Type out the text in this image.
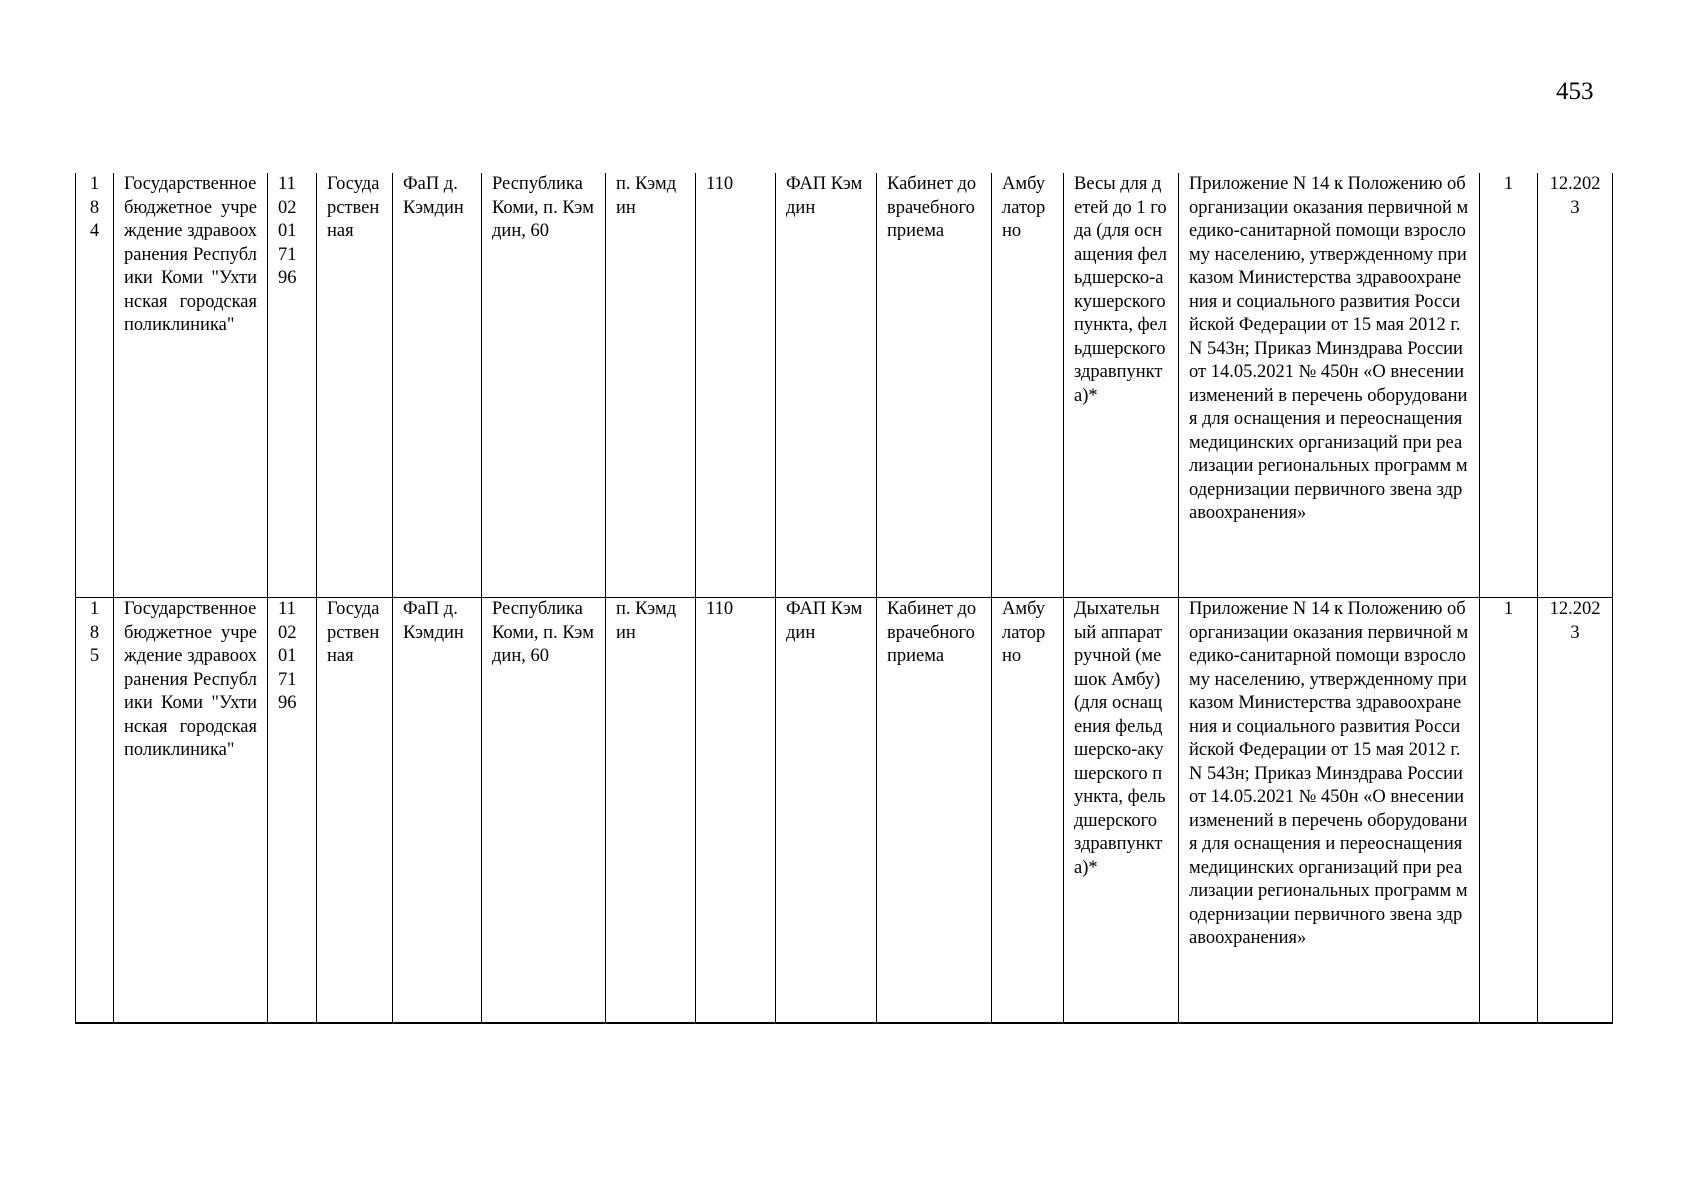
453
184	Государственное бюджетное учреждение здравоохранения Республики Коми "Ухтинская городская поликлиника"	1102017196	Государственная	ФаП д. Кэмдин	Республика Коми, п. Кэмдин, 60	п. Кэмдин	110	ФАП Кэмдин	Кабинет доврачебного приема	Амбулаторно	Весы для детей до 1 года (для оснащения фельдшерско-акушерского пункта, фельдшерского здравпункта)*	Приложение N 14 к Положению об организации оказания первичной медико-санитарной помощи взрослому населению, утвержденному приказом Министерства здравоохранения и социального развития Российской Федерации от 15 мая 2012 г. N 543н; Приказ Минздрава России от 14.05.2021 № 450н «О внесении изменений в перечень оборудования для оснащения и переоснащения медицинских организаций при реализации региональных программ модернизации первичного звена здравоохранения»	1	12.2023

185	Государственное бюджетное учреждение здравоохранения Республики Коми "Ухтинская городская поликлиника"	1102017196	Государственная	ФаП д. Кэмдин	Республика Коми, п. Кэмдин, 60	п. Кэмдин	110	ФАП Кэмдин	Кабинет доврачебного приема	Амбулаторно	Дыхательный аппарат ручной (мешок Амбу) (для оснащения фельдшерско-акушерского пункта, фельдшерского здравпункта)*	Приложение N 14 к Положению об организации оказания первичной медико-санитарной помощи взрослому населению, утвержденному приказом Министерства здравоохранения и социального развития Российской Федерации от 15 мая 2012 г. N 543н; Приказ Минздрава России от 14.05.2021 № 450н «О внесении изменений в перечень оборудования для оснащения и переоснащения медицинских организаций при реализации региональных программ модернизации первичного звена здравоохранения»	1	12.2023
